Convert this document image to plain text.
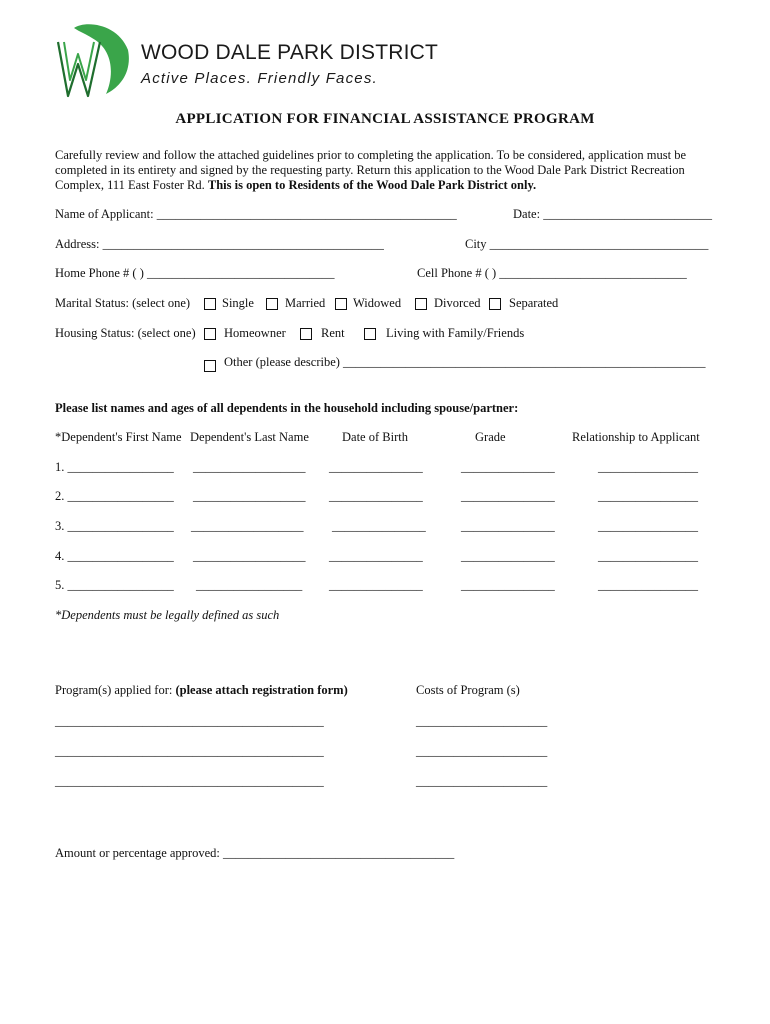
WOOD DALE PARK DISTRICT
Active Places. Friendly Faces.
APPLICATION FOR FINANCIAL ASSISTANCE PROGRAM
Carefully review and follow the attached guidelines prior to completing the application. To be considered, application must be
completed in its entirety and signed by the requesting party. Return this application to the Wood Dale Park District Recreation
Complex, 111 East Foster Rd. This is open to Residents of the Wood Dale Park District only.
Name of Applicant: ________________________________________________	Date: ___________________________
Address: _____________________________________________	City ___________________________________
Home Phone # ( ) ______________________________	Cell Phone # ( ) ______________________________
Marital Status: (select one)	Single Married Widowed	Divorced Separated
Housing Status: (select one) Homeowner	Rent	Living with Family/Friends
Other (please describe) __________________________________________________________
Please list names and ages of all dependents in the household including spouse/partner:
*Dependent's First Name Dependent's Last Name	Date of Birth	Grade	Relationship to Applicant
1. _________________ __________________ _______________	_______________	________________
2. _________________ __________________ _______________	_______________	________________
3. _________________ __________________ _______________	_______________	________________
4. _________________ __________________ _______________	_______________	________________
5. _________________ _________________ _______________	_______________	________________
*Dependents must be legally defined as such
Program(s) applied for: (please attach registration form)	Costs of Program (s)
___________________________________________	_____________________
___________________________________________	_____________________
___________________________________________	_____________________
Amount or percentage approved: _____________________________________
